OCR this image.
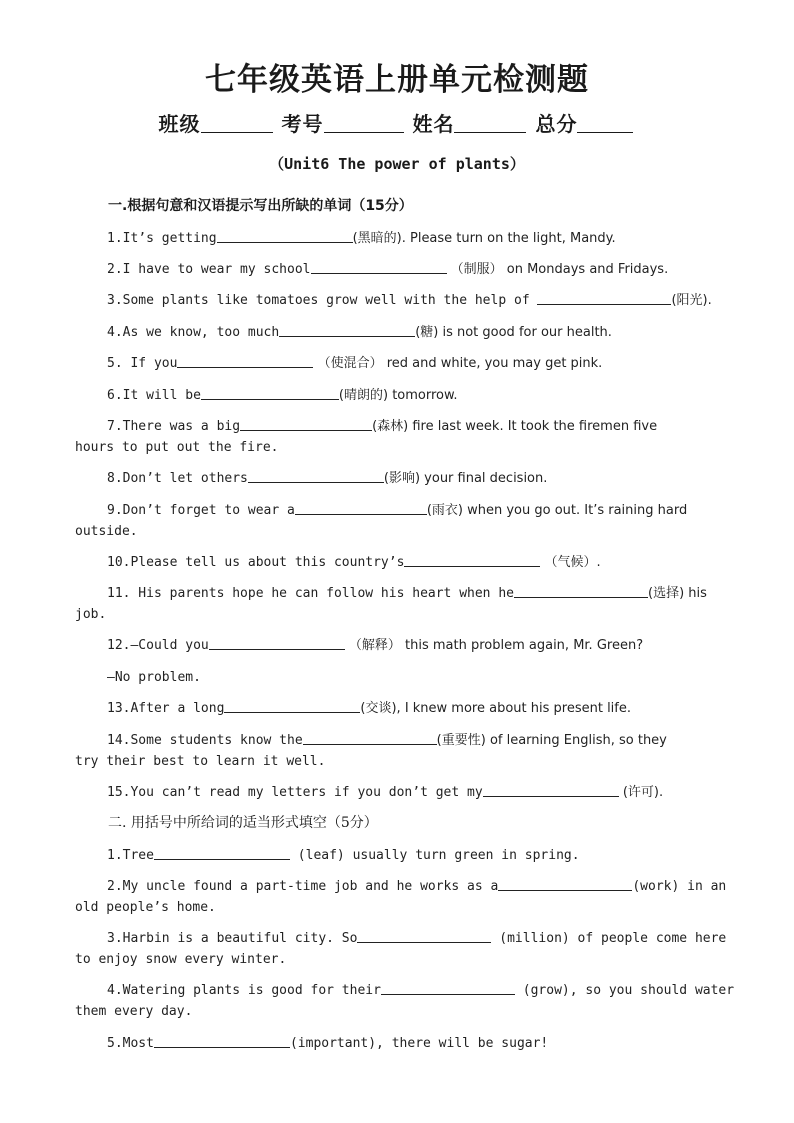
七年级英语上册单元检测题
班级	考号	姓名	总分
（Unit6 The power of plants）
一.根据句意和汉语提示写出所缺的单词（15分）
1.It’s getting	(黑暗的). Please turn on the light, Mandy.
2.I have to wear my school	（制服） on Mondays and Fridays.
3.Some plants like tomatoes grow well with the help of	(阳光).
4.As we know, too much	(糖) is not good for our health.
5. If you	（使混合） red and white, you may get pink.
6.It will be	(晴朗的) tomorrow.
7.There was a big	(森林) fire last week. It took the firemen five
hours to put out the fire.
8.Don’t let others	(影响) your final decision.
9.Don’t forget to wear a	(雨衣) when you go out. It’s raining hard
outside.
10.Please tell us about this country’s	（气候）.
11. His parents hope he can follow his heart when he	(选择) his
job.
12.—Could you	（解释） this math problem again, Mr. Green?
—No problem.
13.After a long	(交谈), I knew more about his present life.
14.Some students know the	(重要性) of learning English, so they
try their best to learn it well.
15.You can’t read my letters if you don’t get my	(许可).
二. 用括号中所给词的适当形式填空（5分）
1.Tree	(leaf) usually turn green in spring.
2.My uncle found a part-time job and he works as a	(work) in an
old people’s home.
3.Harbin is a beautiful city. So	(million) of people come here
to enjoy snow every winter.
4.Watering plants is good for their	(grow), so you should water
them every day.
5.Most	(important), there will be sugar!
